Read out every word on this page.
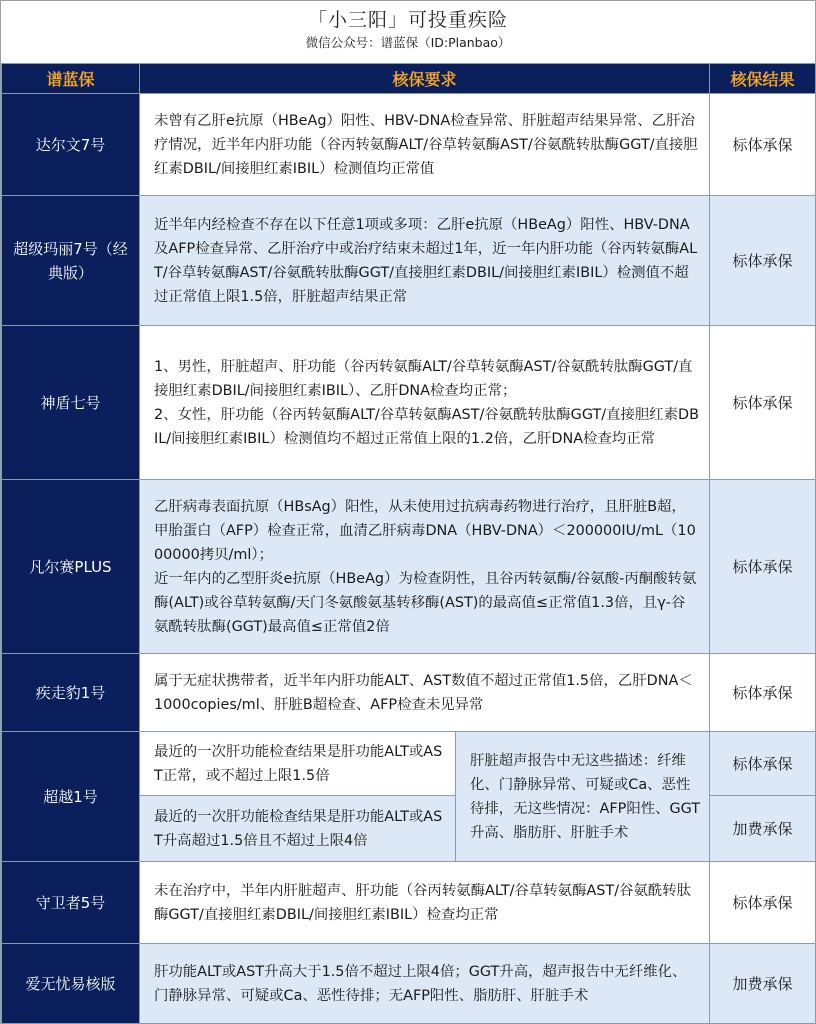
「小三阳」可投重疾险
微信公众号：谱蓝保（ID:Planbao）
谱蓝保	核保要求		核保结果
达尔文7号	未曾有乙肝e抗原（HBeAg）阳性、HBV-DNA检查异常、肝脏超声结果异常、乙肝治疗情况，近半年内肝功能（谷丙转氨酶ALT/谷草转氨酶AST/谷氨酰转肽酶GGT/直接胆红素DBIL/间接胆红素IBIL）检测值均正常值		标体承保
超级玛丽7号（经典版）	近半年内经检查不存在以下任意1项或多项：乙肝e抗原（HBeAg）阳性、HBV-DNA及AFP检查异常、乙肝治疗中或治疗结束未超过1年，近一年内肝功能（谷丙转氨酶ALT/谷草转氨酶AST/谷氨酰转肽酶GGT/直接胆红素DBIL/间接胆红素IBIL）检测值不超过正常值上限1.5倍，肝脏超声结果正常		标体承保
神盾七号	1、男性，肝脏超声、肝功能（谷丙转氨酶ALT/谷草转氨酶AST/谷氨酰转肽酶GGT/直接胆红素DBIL/间接胆红素IBIL）、乙肝DNA检查均正常；
2、女性，肝功能（谷丙转氨酶ALT/谷草转氨酶AST/谷氨酰转肽酶GGT/直接胆红素DBIL/间接胆红素IBIL）检测值均不超过正常值上限的1.2倍，乙肝DNA检查均正常		标体承保
凡尔赛PLUS	乙肝病毒表面抗原（HBsAg）阳性，从未使用过抗病毒药物进行治疗，且肝脏B超，甲胎蛋白（AFP）检查正常，血清乙肝病毒DNA（HBV-DNA）＜200000IU/mL（1000000拷贝/ml）；
近一年内的乙型肝炎e抗原（HBeAg）为检查阴性，且谷丙转氨酶/谷氨酸-丙酮酸转氨酶(ALT)或谷草转氨酶/天门冬氨酸氨基转移酶(AST)的最高值≤正常值1.3倍，且γ-谷氨酰转肽酶(GGT)最高值≤正常值2倍		标体承保
疾走豹1号	属于无症状携带者，近半年内肝功能ALT、AST数值不超过正常值1.5倍，乙肝DNA＜1000copies/ml、肝脏B超检查、AFP检查未见异常		标体承保
超越1号	最近的一次肝功能检查结果是肝功能ALT或AST正常，或不超过上限1.5倍	肝脏超声报告中无这些描述：纤维化、门静脉异常、可疑或Ca、恶性待排，无这些情况：AFP阳性、GGT升高、脂肪肝、肝脏手术	标体承保
	最近的一次肝功能检查结果是肝功能ALT或AST升高超过1.5倍且不超过上限4倍		加费承保
守卫者5号	未在治疗中，半年内肝脏超声、肝功能（谷丙转氨酶ALT/谷草转氨酶AST/谷氨酰转肽酶GGT/直接胆红素DBIL/间接胆红素IBIL）检查均正常		标体承保
爱无忧易核版	肝功能ALT或AST升高大于1.5倍不超过上限4倍；GGT升高，超声报告中无纤维化、门静脉异常、可疑或Ca、恶性待排；无AFP阳性、脂肪肝、肝脏手术		加费承保
